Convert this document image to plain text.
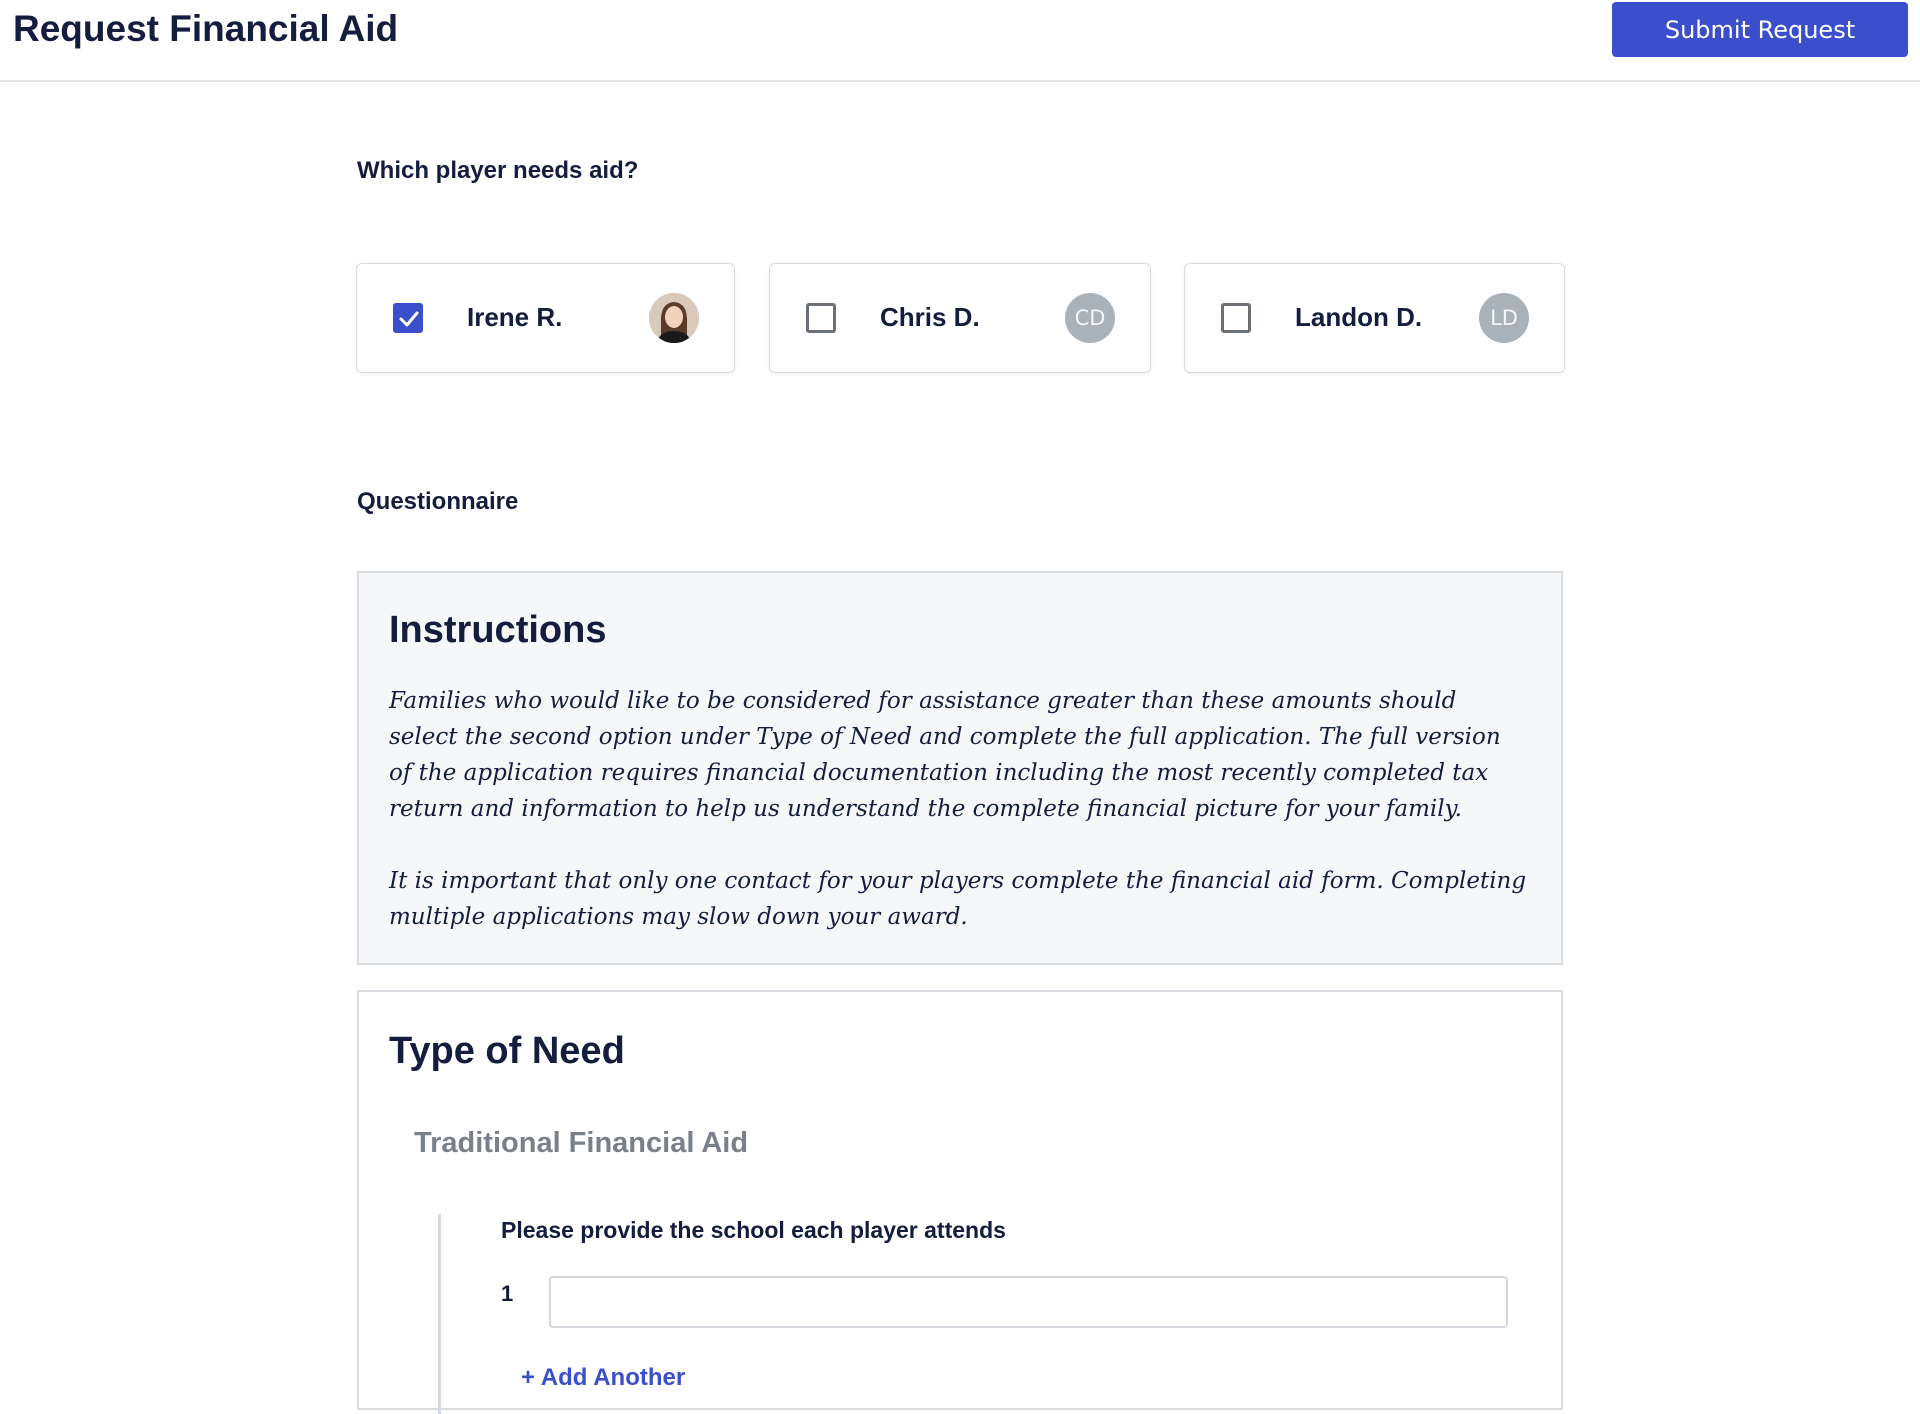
Request Financial Aid	Submit Request

Which player needs aid?

Irene R.	Chris D.	CD	Landon D.	LD

Questionnaire

Instructions

Families who would like to be considered for assistance greater than these amounts should select the second option under Type of Need and complete the full application. The full version of the application requires financial documentation including the most recently completed tax return and information to help us understand the complete financial picture for your family.

It is important that only one contact for your players complete the financial aid form. Completing multiple applications may slow down your award.

Type of Need
Traditional Financial Aid

Please provide the school each player attends

1
+ Add Another
